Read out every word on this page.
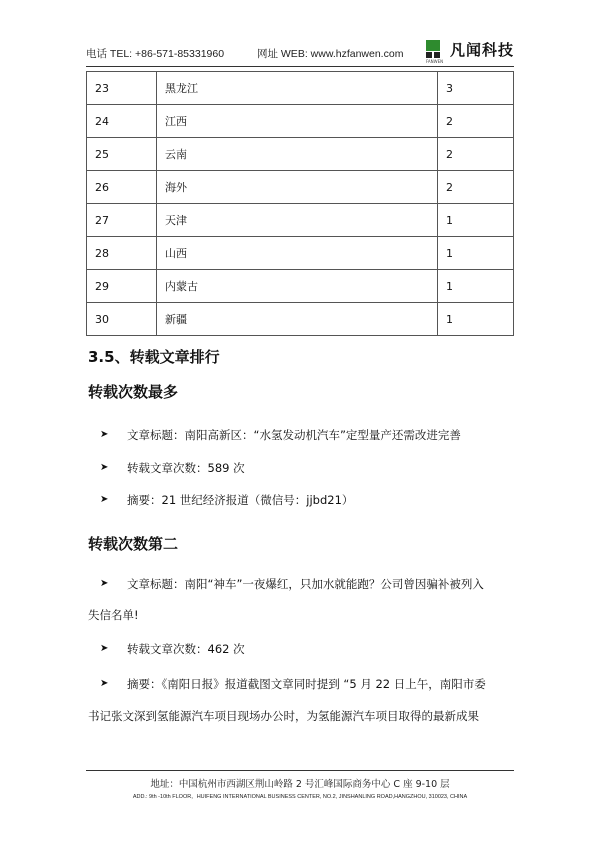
电话 TEL: +86-571-85331960	网址 WEB: www.hzfanwen.com
FANWEN
凡闻科技
23	黑龙江	3
24	江西	2
25	云南	2
26	海外	2
27	天津	1
28	山西	1
29	内蒙古	1
30	新疆	1
3.5、转载文章排行
转载次数最多
➤	文章标题：南阳高新区：“水氢发动机汽车”定型量产还需改进完善
➤	转载文章次数：589 次
➤	摘要：21 世纪经济报道（微信号：jjbd21）
转载次数第二
➤	文章标题：南阳“神车”一夜爆红，只加水就能跑？公司曾因骗补被列入
失信名单!
➤	转载文章次数：462 次
➤	摘要：《南阳日报》报道截图文章同时提到 “5 月 22 日上午，南阳市委
书记张文深到氢能源汽车项目现场办公时，为氢能源汽车项目取得的最新成果
地址：中国杭州市西湖区荆山岭路 2 号汇峰国际商务中心 C 座 9-10 层
ADD.: 9th -10th FLOOR，HUIFENG INTERNATIONAL BUSINESS CENTER, NO.2, JINSHANLING ROAD,HANGZHOU, 310023, CHINA
